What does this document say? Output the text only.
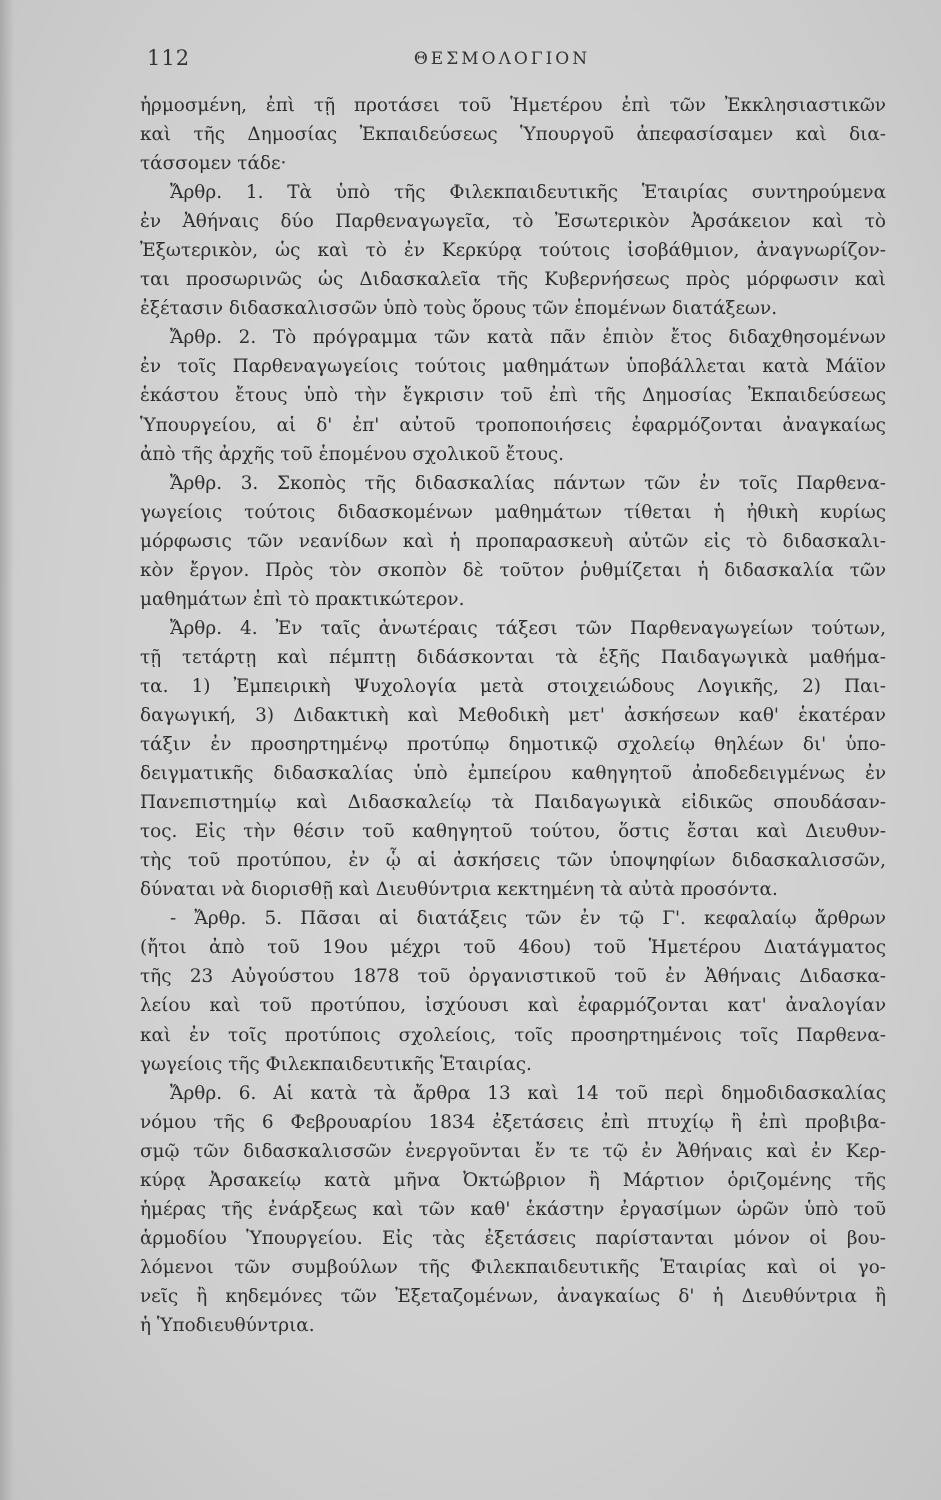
112	ΘΕΣΜΟΛΟΓΙΟΝ
ἡρμοσμένη, ἐπὶ τῇ προτάσει τοῦ Ἡμετέρου ἐπὶ τῶν Ἐκκλησιαστικῶν
καὶ τῆς Δημοσίας Ἐκπαιδεύσεως Ὑπουργοῦ ἀπεφασίσαμεν καὶ δια-
τάσσομεν τάδε·
Ἄρθρ. 1. Τὰ ὑπὸ τῆς Φιλεκπαιδευτικῆς Ἑταιρίας συντηρούμενα
ἐν Ἀθήναις δύο Παρθεναγωγεῖα, τὸ Ἐσωτερικὸν Ἀρσάκειον καὶ τὸ
Ἐξωτερικὸν, ὡς καὶ τὸ ἐν Κερκύρᾳ τούτοις ἰσοβάθμιον, ἀναγνωρίζον-
ται προσωρινῶς ὡς Διδασκαλεῖα τῆς Κυβερνήσεως πρὸς μόρφωσιν καὶ
ἐξέτασιν διδασκαλισσῶν ὑπὸ τοὺς ὅρους τῶν ἑπομένων διατάξεων.
Ἄρθρ. 2. Τὸ πρόγραμμα τῶν κατὰ πᾶν ἐπιὸν ἔτος διδαχθησομένων
ἐν τοῖς Παρθεναγωγείοις τούτοις μαθημάτων ὑποβάλλεται κατὰ Μάϊον
ἑκάστου ἔτους ὑπὸ τὴν ἔγκρισιν τοῦ ἐπὶ τῆς Δημοσίας Ἐκπαιδεύσεως
Ὑπουργείου, αἱ δ' ἐπ' αὐτοῦ τροποποιήσεις ἐφαρμόζονται ἀναγκαίως
ἀπὸ τῆς ἀρχῆς τοῦ ἑπομένου σχολικοῦ ἔτους.
Ἄρθρ. 3. Σκοπὸς τῆς διδασκαλίας πάντων τῶν ἐν τοῖς Παρθενα-
γωγείοις τούτοις διδασκομένων μαθημάτων τίθεται ἡ ἠθικὴ κυρίως
μόρφωσις τῶν νεανίδων καὶ ἡ προπαρασκευὴ αὐτῶν εἰς τὸ διδασκαλι-
κὸν ἔργον. Πρὸς τὸν σκοπὸν δὲ τοῦτον ῥυθμίζεται ἡ διδασκαλία τῶν
μαθημάτων ἐπὶ τὸ πρακτικώτερον.
Ἄρθρ. 4. Ἐν ταῖς ἀνωτέραις τάξεσι τῶν Παρθεναγωγείων τούτων,
τῇ τετάρτῃ καὶ πέμπτῃ διδάσκονται τὰ ἑξῆς Παιδαγωγικὰ μαθήμα-
τα. 1) Ἐμπειρικὴ Ψυχολογία μετὰ στοιχειώδους Λογικῆς, 2) Παι-
δαγωγική, 3) Διδακτικὴ καὶ Μεθοδικὴ μετ' ἀσκήσεων καθ' ἑκατέραν
τάξιν ἐν προσηρτημένῳ προτύπῳ δημοτικῷ σχολείῳ θηλέων δι' ὑπο-
δειγματικῆς διδασκαλίας ὑπὸ ἐμπείρου καθηγητοῦ ἀποδεδειγμένως ἐν
Πανεπιστημίῳ καὶ Διδασκαλείῳ τὰ Παιδαγωγικὰ εἰδικῶς σπουδάσαν-
τος. Εἰς τὴν θέσιν τοῦ καθηγητοῦ τούτου, ὅστις ἔσται καὶ Διευθυν-
τὴς τοῦ προτύπου, ἐν ᾧ αἱ ἀσκήσεις τῶν ὑποψηφίων διδασκαλισσῶν,
δύναται νὰ διορισθῇ καὶ Διευθύντρια κεκτημένη τὰ αὐτὰ προσόντα.
- Ἄρθρ. 5. Πᾶσαι αἱ διατάξεις τῶν ἐν τῷ Γ'. κεφαλαίῳ ἄρθρων
(ἤτοι ἀπὸ τοῦ 19ου μέχρι τοῦ 46ου) τοῦ Ἡμετέρου Διατάγματος
τῆς 23 Αὐγούστου 1878 τοῦ ὀργανιστικοῦ τοῦ ἐν Ἀθήναις Διδασκα-
λείου καὶ τοῦ προτύπου, ἰσχύουσι καὶ ἐφαρμόζονται κατ' ἀναλογίαν
καὶ ἐν τοῖς προτύποις σχολείοις, τοῖς προσηρτημένοις τοῖς Παρθενα-
γωγείοις τῆς Φιλεκπαιδευτικῆς Ἑταιρίας.
Ἄρθρ. 6. Αἱ κατὰ τὰ ἄρθρα 13 καὶ 14 τοῦ περὶ δημοδιδασκαλίας
νόμου τῆς 6 Φεβρουαρίου 1834 ἐξετάσεις ἐπὶ πτυχίῳ ἢ ἐπὶ προβιβα-
σμῷ τῶν διδασκαλισσῶν ἐνεργοῦνται ἔν τε τῷ ἐν Ἀθήναις καὶ ἐν Κερ-
κύρᾳ Ἀρσακείῳ κατὰ μῆνα Ὀκτώβριον ἢ Μάρτιον ὁριζομένης τῆς
ἡμέρας τῆς ἐνάρξεως καὶ τῶν καθ' ἑκάστην ἐργασίμων ὡρῶν ὑπὸ τοῦ
ἁρμοδίου Ὑπουργείου. Εἰς τὰς ἐξετάσεις παρίστανται μόνον οἱ βου-
λόμενοι τῶν συμβούλων τῆς Φιλεκπαιδευτικῆς Ἑταιρίας καὶ οἱ γο-
νεῖς ἢ κηδεμόνες τῶν Ἐξεταζομένων, ἀναγκαίως δ' ἡ Διευθύντρια ἢ
ἡ Ὑποδιευθύντρια.
